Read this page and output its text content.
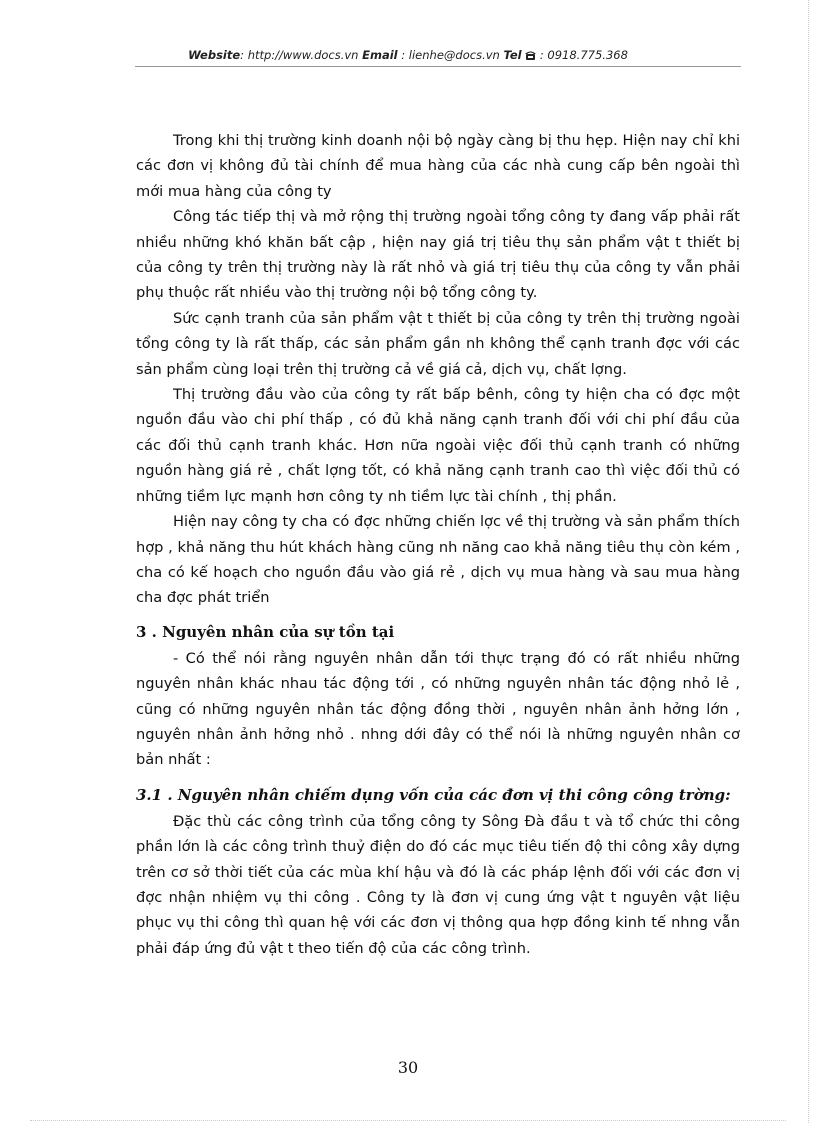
Website: http://www.docs.vn Email : lienhe@docs.vn Tel : 0918.775.368

Trong khi thị trường kinh doanh nội bộ ngày càng bị thu hẹp. Hiện nay chỉ khi các đơn vị không đủ tài chính để mua hàng của các nhà cung cấp bên ngoài thì mới mua hàng của công ty

Công tác tiếp thị và mở rộng thị trường ngoài tổng công ty đang vấp phải rất nhiều những khó khăn bất cập , hiện nay giá trị tiêu thụ sản phẩm vật t thiết bị của công ty trên thị trường này là rất nhỏ và giá trị tiêu thụ của công ty vẫn phải phụ thuộc rất nhiều vào thị trường nội bộ tổng công ty.

Sức cạnh tranh của sản phẩm vật t thiết bị của công ty trên thị trường ngoài tổng công ty là rất thấp, các sản phẩm gần nh không thể cạnh tranh đợc với các sản phẩm cùng loại trên thị trường cả về giá cả, dịch vụ, chất lợng.

Thị trường đầu vào của công ty rất bấp bênh, công ty hiện cha có đợc một nguồn đầu vào chi phí thấp , có đủ khả năng cạnh tranh đối với chi phí đầu của các đối thủ cạnh tranh khác. Hơn nữa ngoài việc đối thủ cạnh tranh có những nguồn hàng giá rẻ , chất lợng tốt, có khả năng cạnh tranh cao thì việc đối thủ có những tiềm lực mạnh hơn công ty nh tiềm lực tài chính , thị phần.

Hiện nay công ty cha có đợc những chiến lợc về thị trường và sản phẩm thích hợp , khả năng thu hút khách hàng cũng nh năng cao khả năng tiêu thụ còn kém , cha có kế hoạch cho nguồn đầu vào giá rẻ , dịch vụ mua hàng và sau mua hàng cha đợc phát triển

3 . Nguyên nhân của sự tồn tại

- Có thể nói rằng nguyên nhân dẫn tới thực trạng đó có rất nhiều những nguyên nhân khác nhau tác động tới , có những nguyên nhân tác động nhỏ lẻ , cũng có những nguyên nhân tác động đồng thời , nguyên nhân ảnh hởng lớn , nguyên nhân ảnh hởng nhỏ . nhng dới đây có thể nói là những nguyên nhân cơ bản nhất :

3.1 . Nguyên nhân chiếm dụng vốn của các đơn vị thi công công trờng:

Đặc thù các công trình của tổng công ty Sông Đà đầu t và tổ chức thi công phần lớn là các công trình thuỷ điện do đó các mục tiêu tiến độ thi công xây dựng trên cơ sở thời tiết của các mùa khí hậu và đó là các pháp lệnh đối với các đơn vị đợc nhận nhiệm vụ thi công . Công ty là đơn vị cung ứng vật t nguyên vật liệu phục vụ thi công thì quan hệ với các đơn vị thông qua hợp đồng kinh tế nhng vẫn phải đáp ứng đủ vật t theo tiến độ của các công trình.

30
